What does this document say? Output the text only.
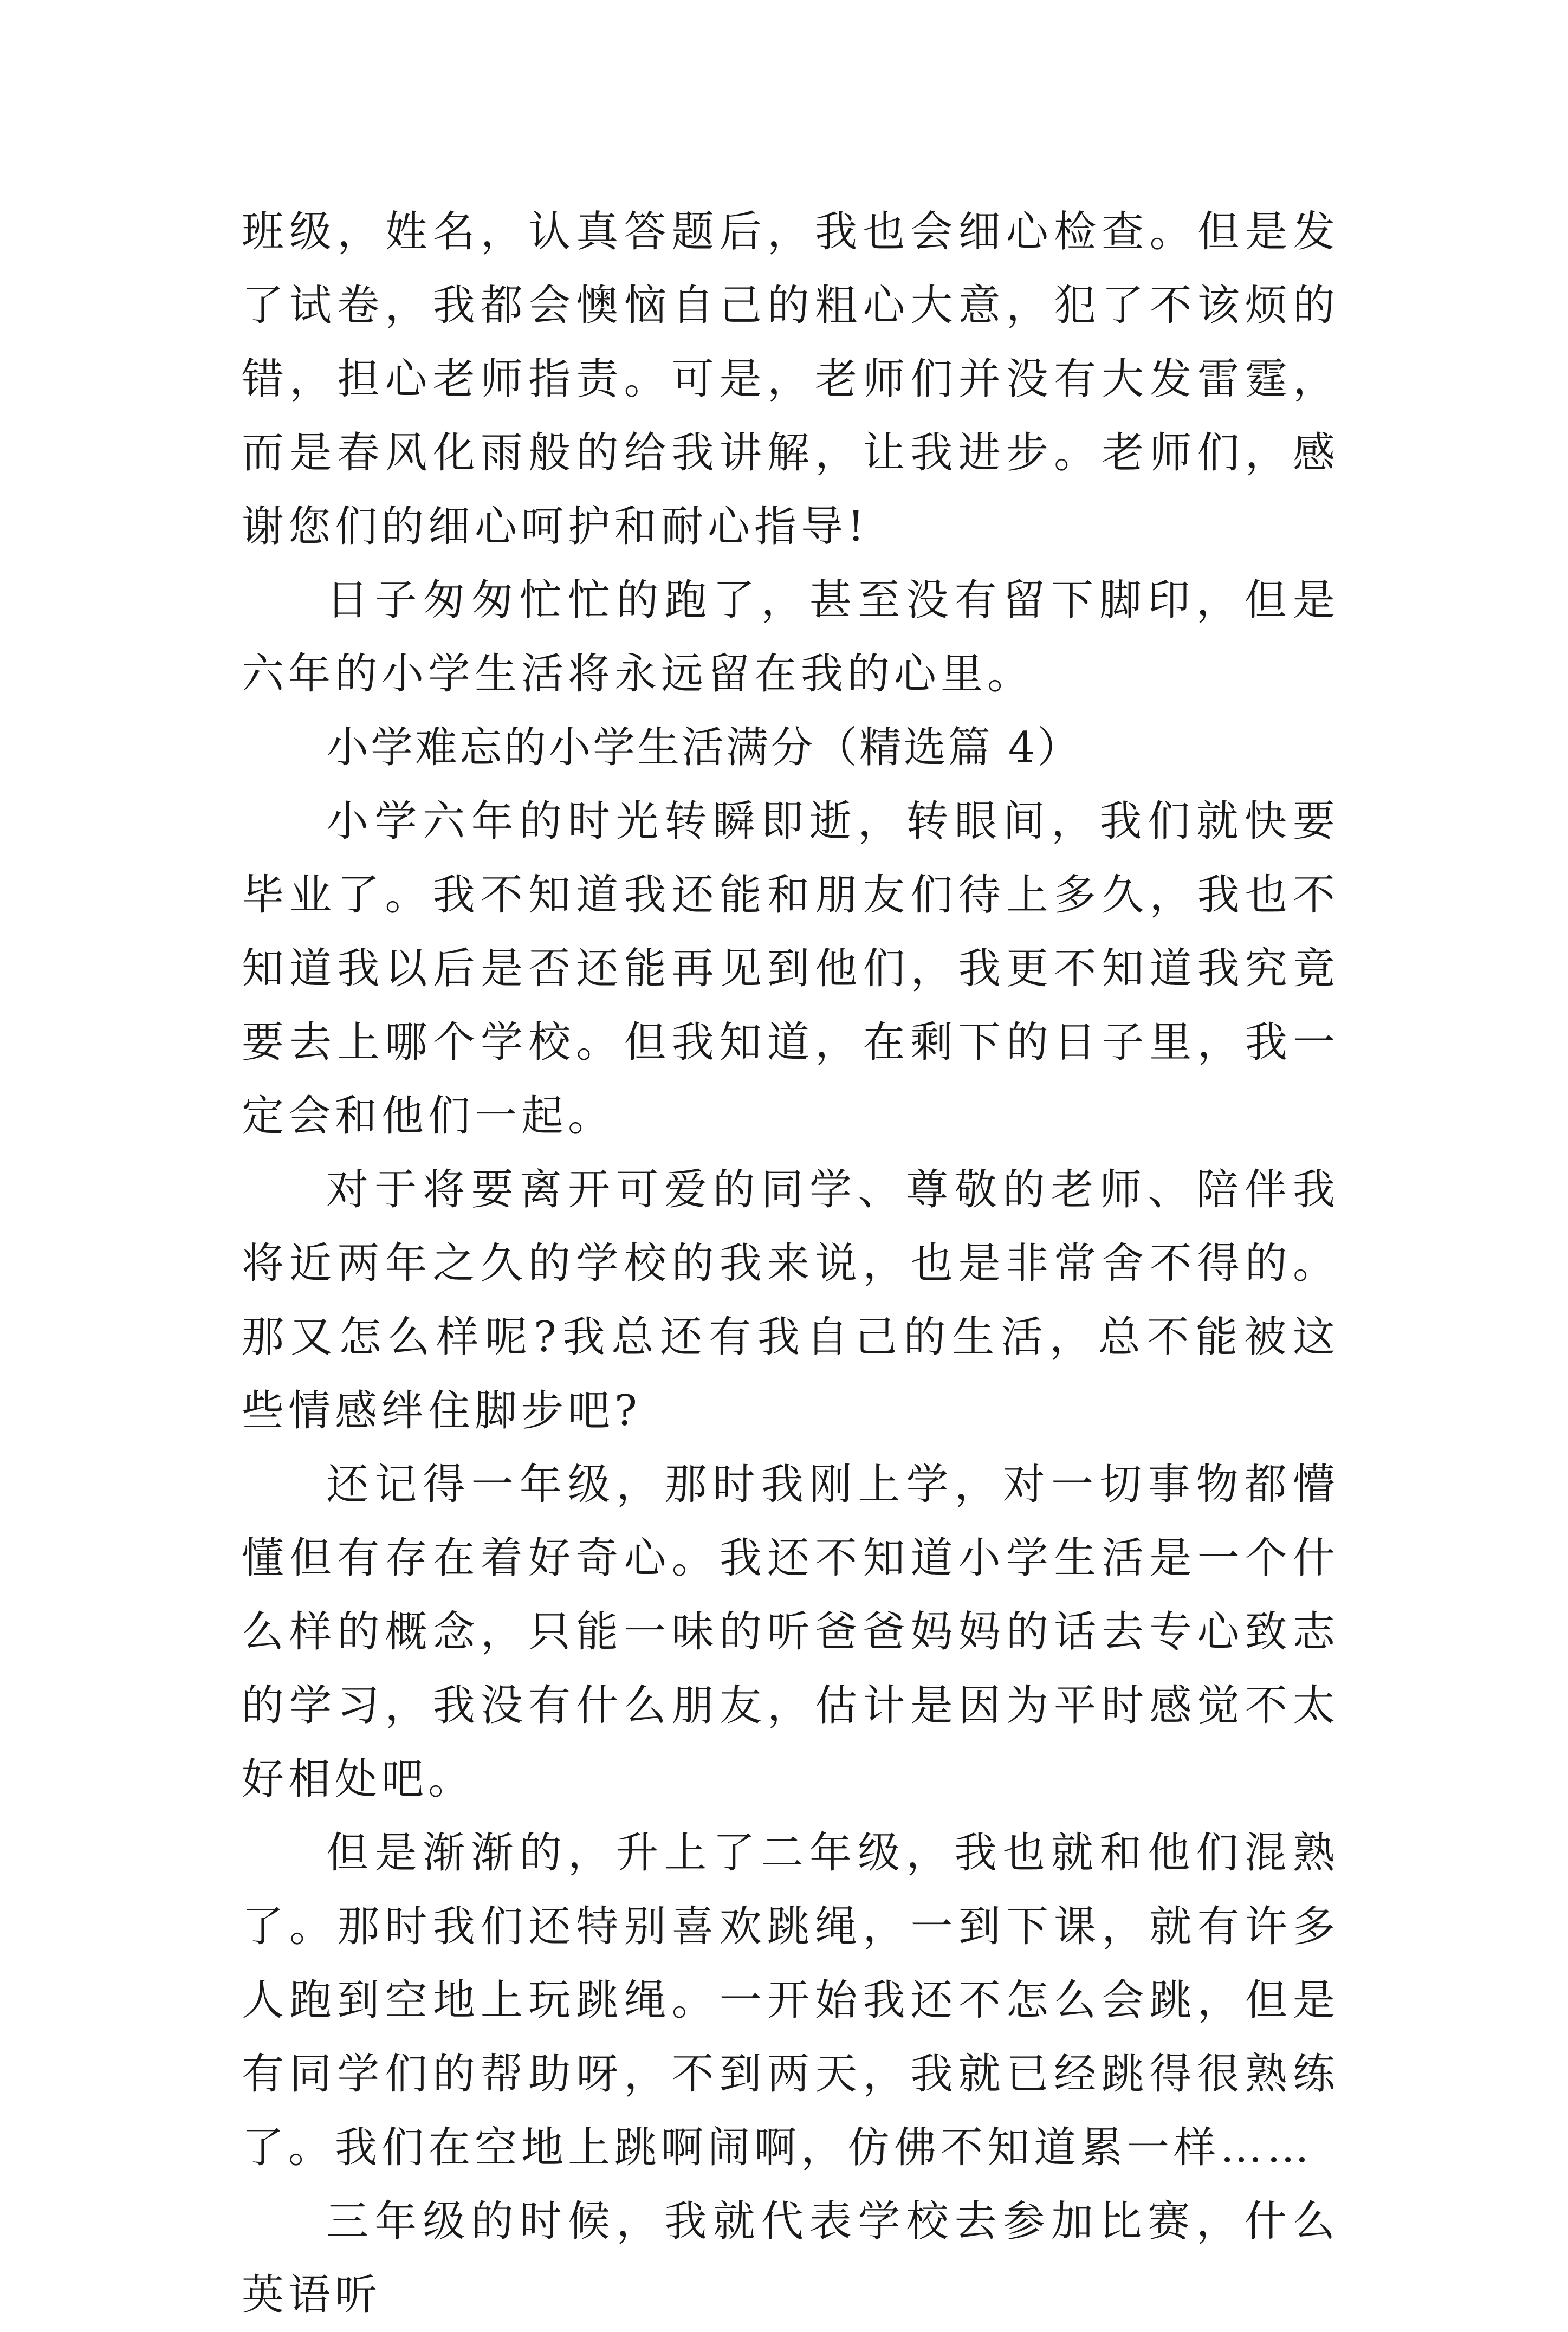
班级，姓名，认真答题后，我也会细心检查。但是发了试卷，我都会懊恼自己的粗心大意，犯了不该烦的错，担心老师指责。可是，老师们并没有大发雷霆，而是春风化雨般的给我讲解，让我进步。老师们，感谢您们的细心呵护和耐心指导!

日子匆匆忙忙的跑了，甚至没有留下脚印，但是六年的小学生活将永远留在我的心里。

小学难忘的小学生活满分（精选篇 4）

小学六年的时光转瞬即逝，转眼间，我们就快要毕业了。我不知道我还能和朋友们待上多久，我也不知道我以后是否还能再见到他们，我更不知道我究竟要去上哪个学校。但我知道，在剩下的日子里，我一定会和他们一起。

对于将要离开可爱的同学、尊敬的老师、陪伴我将近两年之久的学校的我来说，也是非常舍不得的。那又怎么样呢?我总还有我自己的生活，总不能被这些情感绊住脚步吧?

还记得一年级，那时我刚上学，对一切事物都懵懂但有存在着好奇心。我还不知道小学生活是一个什么样的概念，只能一味的听爸爸妈妈的话去专心致志的学习，我没有什么朋友，估计是因为平时感觉不太好相处吧。

但是渐渐的，升上了二年级，我也就和他们混熟了。那时我们还特别喜欢跳绳，一到下课，就有许多人跑到空地上玩跳绳。一开始我还不怎么会跳，但是有同学们的帮助呀，不到两天，我就已经跳得很熟练了。我们在空地上跳啊闹啊，仿佛不知道累一样……

三年级的时候，我就代表学校去参加比赛，什么英语听
